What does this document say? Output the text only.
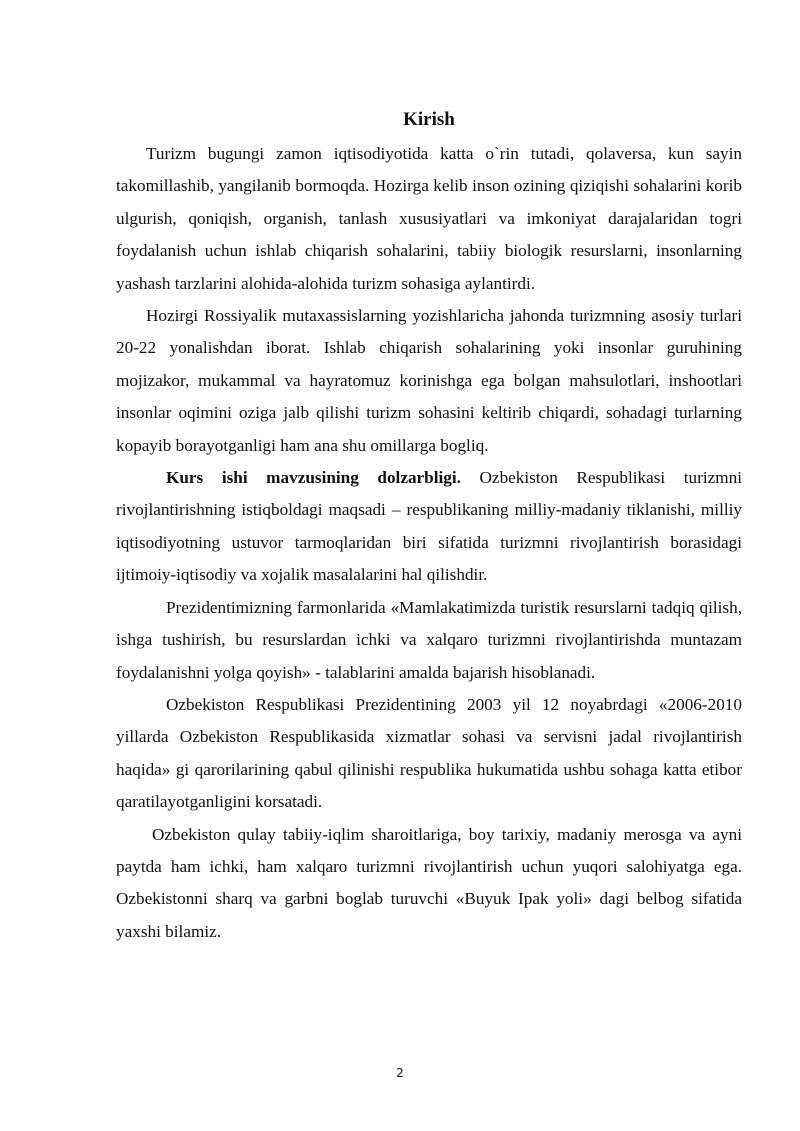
Kirish

Turizm bugungi zamon iqtisodiyotida katta o`rin tutadi, qolaversa, kun sayin takomillashib, yangilanib bormoqda. Hozirga kelib inson ozining qiziqishi sohalarini korib ulgurish, qoniqish, organish, tanlash xususiyatlari va imkoniyat darajalaridan togri foydalanish uchun ishlab chiqarish sohalarini, tabiiy biologik resurslarni, insonlarning yashash tarzlarini alohida-alohida turizm sohasiga aylantirdi.

Hozirgi Rossiyalik mutaxassislarning yozishlaricha jahonda turizmning asosiy turlari 20-22 yonalishdan iborat. Ishlab chiqarish sohalarining yoki insonlar guruhining mojizakor, mukammal va hayratomuz korinishga ega bolgan mahsulotlari, inshootlari insonlar oqimini oziga jalb qilishi turizm sohasini keltirib chiqardi, sohadagi turlarning kopayib borayotganligi ham ana shu omillarga bogliq.

Kurs ishi mavzusining dolzarbligi. Ozbekiston Respublikasi turizmni rivojlantirishning istiqboldagi maqsadi – respublikaning milliy-madaniy tiklanishi, milliy iqtisodiyotning ustuvor tarmoqlaridan biri sifatida turizmni rivojlantirish borasidagi ijtimoiy-iqtisodiy va xojalik masalalarini hal qilishdir.

Prezidentimizning farmonlarida «Mamlakatimizda turistik resurslarni tadqiq qilish, ishga tushirish, bu resurslardan ichki va xalqaro turizmni rivojlantirishda muntazam foydalanishni yolga qoyish» - talablarini amalda bajarish hisoblanadi.

Ozbekiston Respublikasi Prezidentining 2003 yil 12 noyabrdagi «2006-2010 yillarda Ozbekiston Respublikasida xizmatlar sohasi va servisni jadal rivojlantirish haqida» gi qarorilarining qabul qilinishi respublika hukumatida ushbu sohaga katta etibor qaratilayotganligini korsatadi.

Ozbekiston qulay tabiiy-iqlim sharoitlariga, boy tarixiy, madaniy merosga va ayni paytda ham ichki, ham xalqaro turizmni rivojlantirish uchun yuqori salohiyatga ega. Ozbekistonni sharq va garbni boglab turuvchi «Buyuk Ipak yoli» dagi belbog sifatida yaxshi bilamiz.

2
